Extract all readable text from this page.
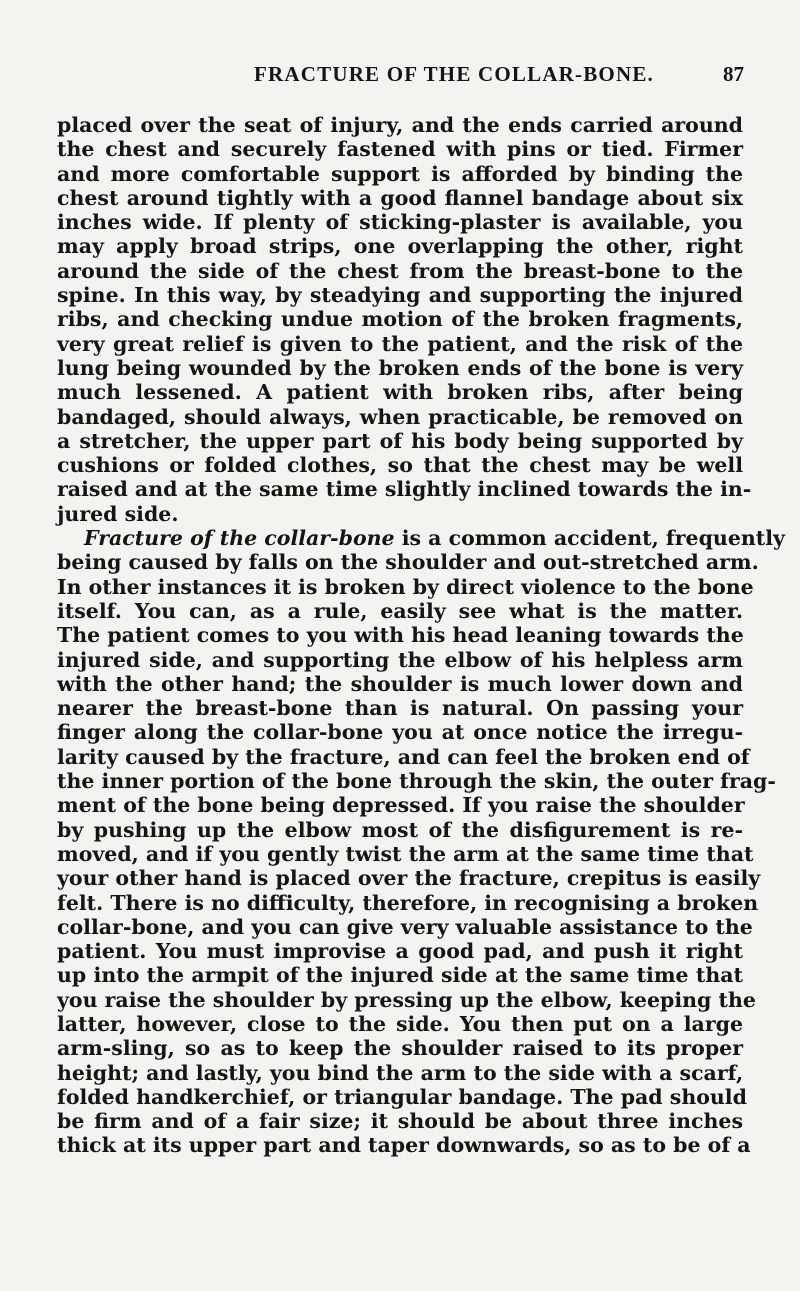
FRACTURE OF THE COLLAR-BONE.	87
placed over the seat of injury, and the ends carried around
the chest and securely fastened with pins or tied. Firmer
and more comfortable support is afforded by binding the
chest around tightly with a good flannel bandage about six
inches wide. If plenty of sticking-plaster is available, you
may apply broad strips, one overlapping the other, right
around the side of the chest from the breast-bone to the
spine. In this way, by steadying and supporting the injured
ribs, and checking undue motion of the broken fragments,
very great relief is given to the patient, and the risk of the
lung being wounded by the broken ends of the bone is very
much lessened. A patient with broken ribs, after being
bandaged, should always, when practicable, be removed on
a stretcher, the upper part of his body being supported by
cushions or folded clothes, so that the chest may be well
raised and at the same time slightly inclined towards the in-
jured side.
Fracture of the collar-bone is a common accident, frequently
being caused by falls on the shoulder and out-stretched arm.
In other instances it is broken by direct violence to the bone
itself. You can, as a rule, easily see what is the matter.
The patient comes to you with his head leaning towards the
injured side, and supporting the elbow of his helpless arm
with the other hand; the shoulder is much lower down and
nearer the breast-bone than is natural. On passing your
finger along the collar-bone you at once notice the irregu-
larity caused by the fracture, and can feel the broken end of
the inner portion of the bone through the skin, the outer frag-
ment of the bone being depressed. If you raise the shoulder
by pushing up the elbow most of the disfigurement is re-
moved, and if you gently twist the arm at the same time that
your other hand is placed over the fracture, crepitus is easily
felt. There is no difficulty, therefore, in recognising a broken
collar-bone, and you can give very valuable assistance to the
patient. You must improvise a good pad, and push it right
up into the armpit of the injured side at the same time that
you raise the shoulder by pressing up the elbow, keeping the
latter, however, close to the side. You then put on a large
arm-sling, so as to keep the shoulder raised to its proper
height; and lastly, you bind the arm to the side with a scarf,
folded handkerchief, or triangular bandage. The pad should
be firm and of a fair size; it should be about three inches
thick at its upper part and taper downwards, so as to be of a
